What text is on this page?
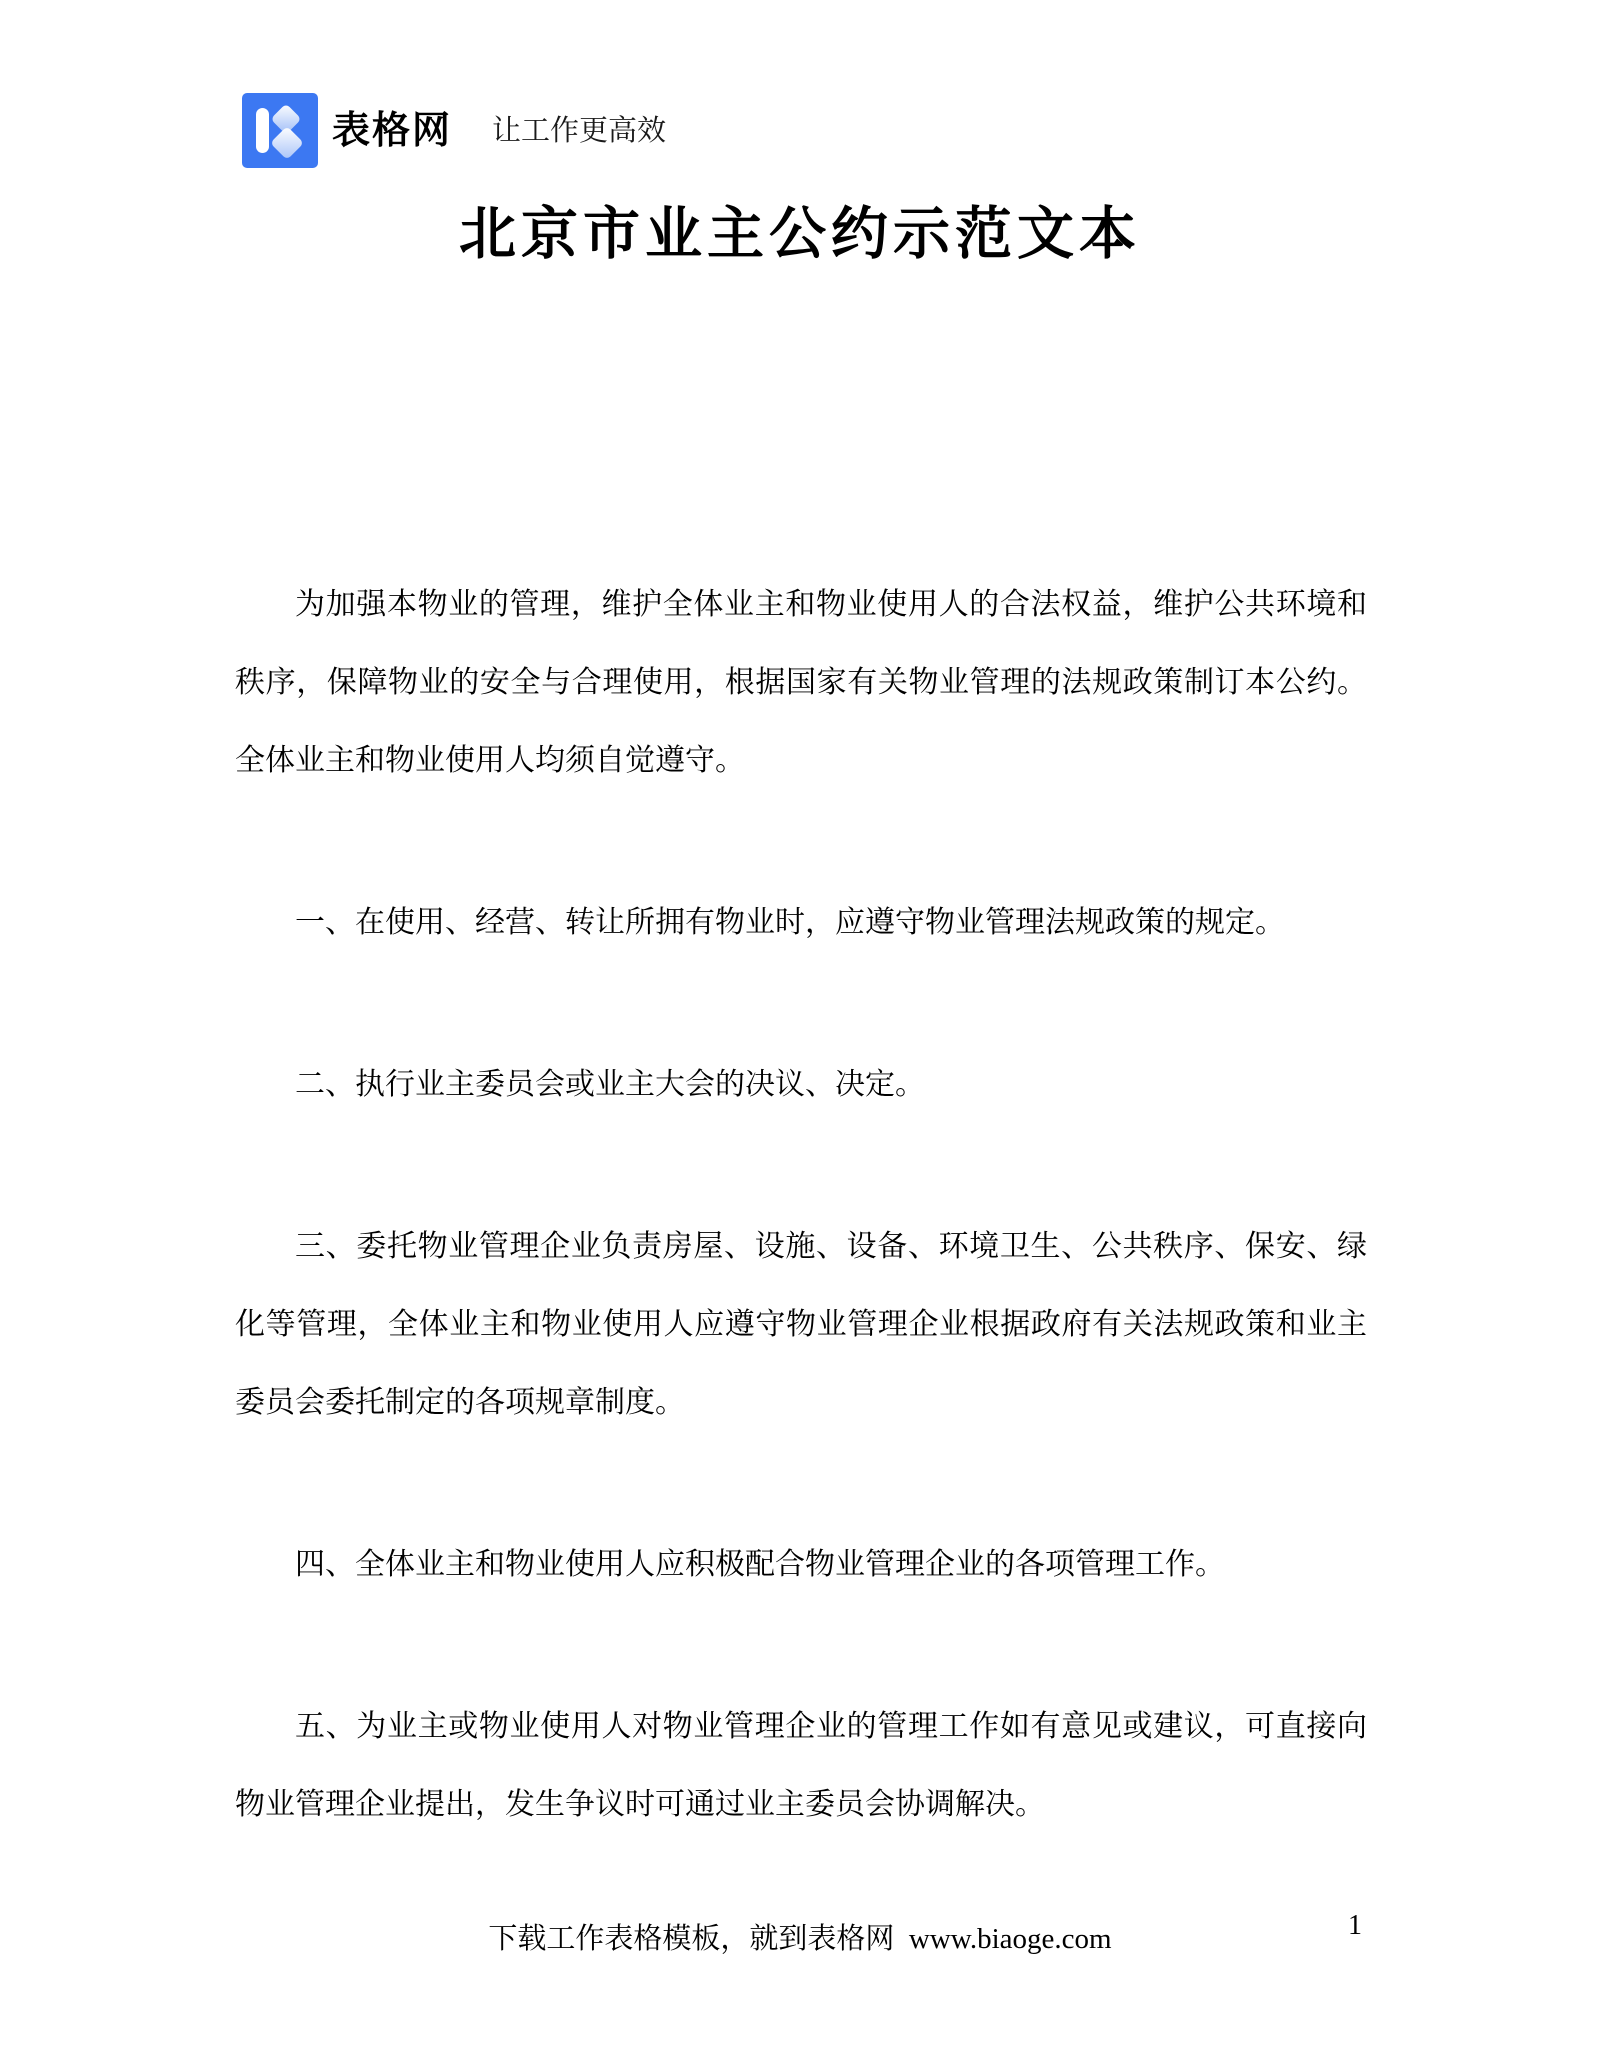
表格网 让工作更高效
北京市业主公约示范文本

为加强本物业的管理，维护全体业主和物业使用人的合法权益，维护公共环境和秩序，保障物业的安全与合理使用，根据国家有关物业管理的法规政策制订本公约。全体业主和物业使用人均须自觉遵守。

一、在使用、经营、转让所拥有物业时，应遵守物业管理法规政策的规定。

二、执行业主委员会或业主大会的决议、决定。

三、委托物业管理企业负责房屋、设施、设备、环境卫生、公共秩序、保安、绿化等管理，全体业主和物业使用人应遵守物业管理企业根据政府有关法规政策和业主委员会委托制定的各项规章制度。

四、全体业主和物业使用人应积极配合物业管理企业的各项管理工作。

五、为业主或物业使用人对物业管理企业的管理工作如有意见或建议，可直接向物业管理企业提出，发生争议时可通过业主委员会协调解决。

下载工作表格模板，就到表格网  www.biaoge.com	1
